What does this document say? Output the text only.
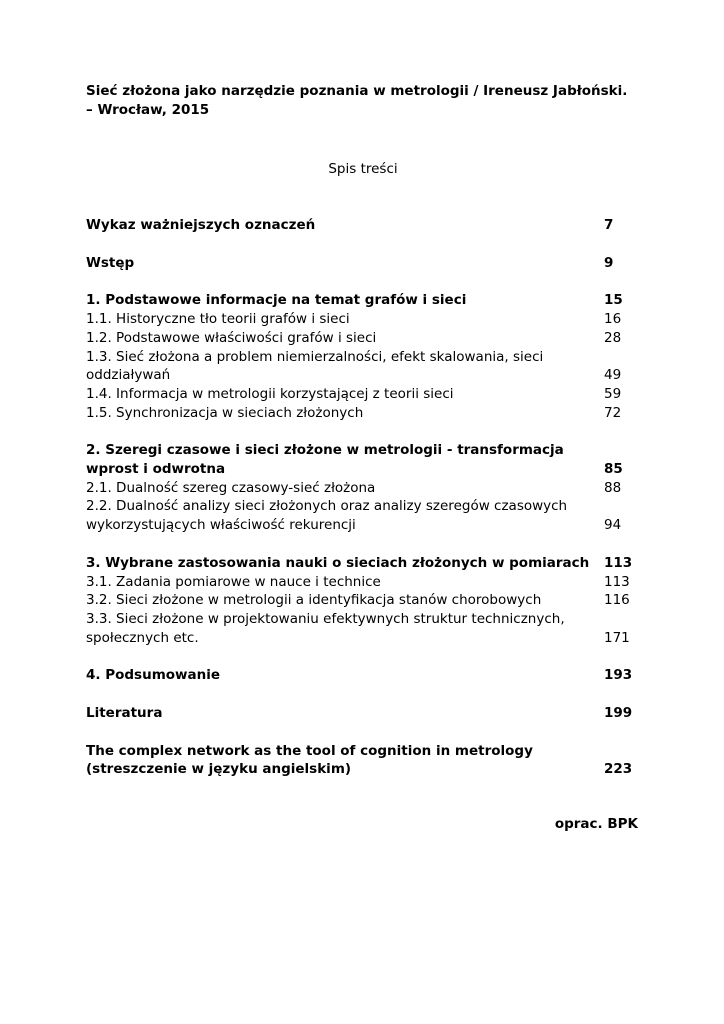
Sieć złożona jako narzędzie poznania w metrologii / Ireneusz Jabłoński.
– Wrocław, 2015
Spis treści
Wykaz ważniejszych oznaczeń	7
Wstęp	9
1. Podstawowe informacje na temat grafów i sieci	15
1.1. Historyczne tło teorii grafów i sieci	16
1.2. Podstawowe właściwości grafów i sieci	28
1.3. Sieć złożona a problem niemierzalności, efekt skalowania, sieci
oddziaływań	49
1.4. Informacja w metrologii korzystającej z teorii sieci	59
1.5. Synchronizacja w sieciach złożonych	72
2. Szeregi czasowe i sieci złożone w metrologii - transformacja
wprost i odwrotna	85
2.1. Dualność szereg czasowy-sieć złożona	88
2.2. Dualność analizy sieci złożonych oraz analizy szeregów czasowych
wykorzystujących właściwość rekurencji	94
3. Wybrane zastosowania nauki o sieciach złożonych w pomiarach	113
3.1. Zadania pomiarowe w nauce i technice	113
3.2. Sieci złożone w metrologii a identyfikacja stanów chorobowych	116
3.3. Sieci złożone w projektowaniu efektywnych struktur technicznych,
społecznych etc.	171
4. Podsumowanie	193
Literatura	199
The complex network as the tool of cognition in metrology
(streszczenie w języku angielskim)	223
oprac. BPK
